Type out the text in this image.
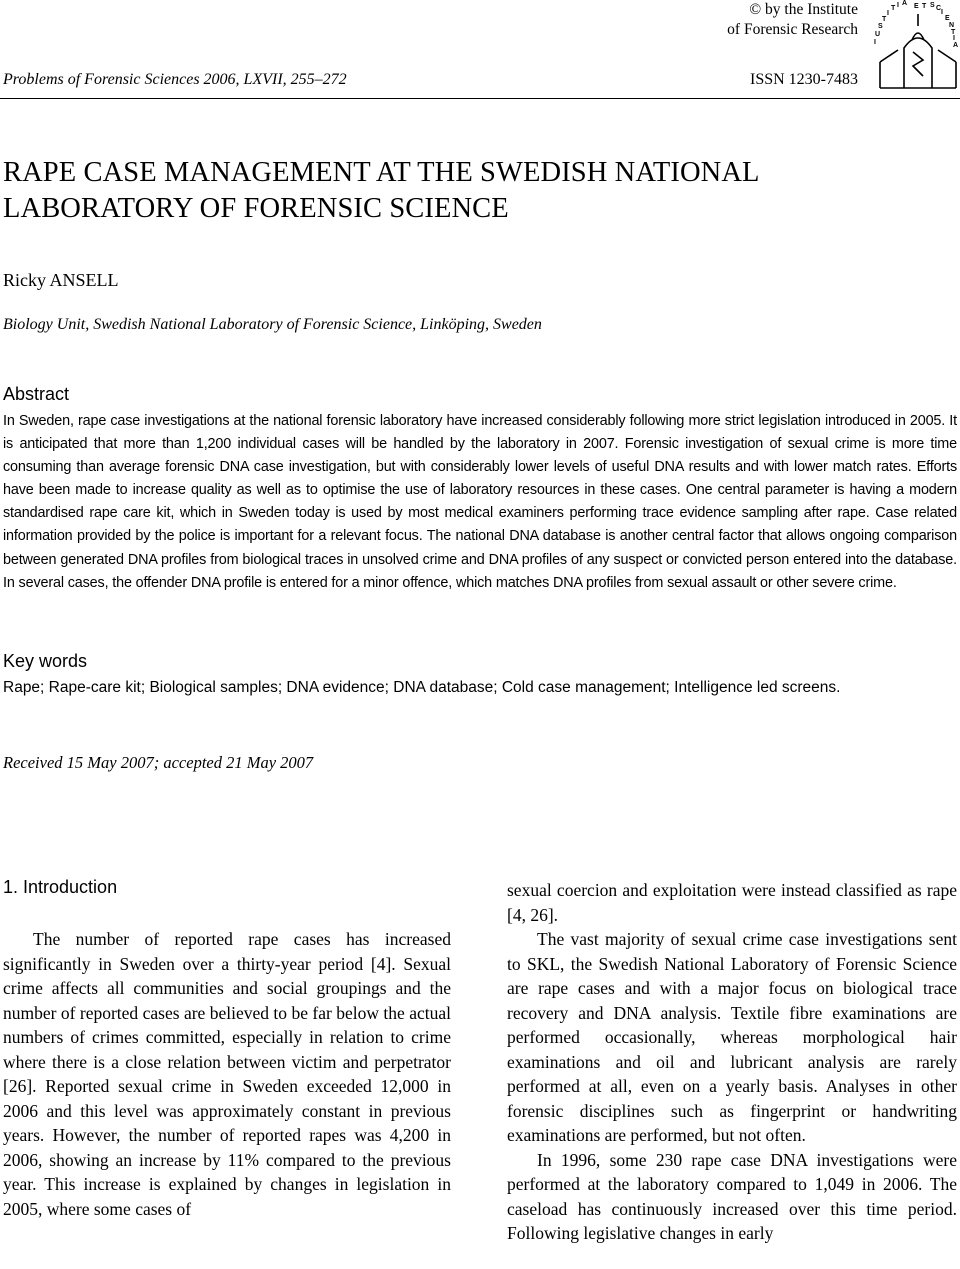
© by the Institute
of Forensic Research
I
U
S
T
I
T I A E T S C
I
E
N
T
I
A
Problems of Forensic Sciences 2006, LXVII, 255–272	ISSN 1230-7483
RAPE CASE MANAGEMENT AT THE SWEDISH NATIONAL LABORATORY OF FORENSIC SCIENCE
Ricky ANSELL
Biology Unit, Swedish National Laboratory of Forensic Science, Linköping, Sweden
Abstract

In Sweden, rape case investigations at the national forensic laboratory have increased considerably following more strict legislation introduced in 2005. It is anticipated that more than 1,200 individual cases will be handled by the laboratory in 2007. Forensic investigation of sexual crime is more time consuming than average forensic DNA case investigation, but with considerably lower levels of useful DNA results and with lower match rates. Efforts have been made to increase quality as well as to optimise the use of laboratory resources in these cases. One central parameter is having a modern standardised rape care kit, which in Sweden today is used by most medical examiners performing trace evidence sampling after rape. Case related information provided by the police is important for a relevant focus. The national DNA database is another central factor that allows ongoing comparison between generated DNA profiles from biological traces in unsolved crime and DNA profiles of any suspect or convicted person entered into the database. In several cases, the offender DNA profile is entered for a minor offence, which matches DNA profiles from sexual assault or other severe crime.

Key words
Rape; Rape-care kit; Biological samples; DNA evidence; DNA database; Cold case management; Intelligence led screens.
Received 15 May 2007; accepted 21 May 2007
1. Introduction

The number of reported rape cases has increased significantly in Sweden over a thirty-year period [4]. Sexual crime affects all communities and social groupings and the number of reported cases are believed to be far below the actual numbers of crimes committed, especially in relation to crime where there is a close relation between victim and perpetrator [26]. Reported sexual crime in Sweden exceeded 12,000 in 2006 and this level was approximately constant in previous years. However, the number of reported rapes was 4,200 in 2006, showing an increase by 11% compared to the previous year. This increase is explained by changes in legislation in 2005, where some cases of

sexual coercion and exploitation were instead classified as rape [4, 26].

The vast majority of sexual crime case investigations sent to SKL, the Swedish National Laboratory of Forensic Science are rape cases and with a major focus on biological trace recovery and DNA analysis. Textile fibre examinations are performed occasionally, whereas morphological hair examinations and oil and lubricant analysis are rarely performed at all, even on a yearly basis. Analyses in other forensic disciplines such as fingerprint or handwriting examinations are performed, but not often.

In 1996, some 230 rape case DNA investigations were performed at the laboratory compared to 1,049 in 2006. The caseload has continuously increased over this time period. Following legislative changes in early
